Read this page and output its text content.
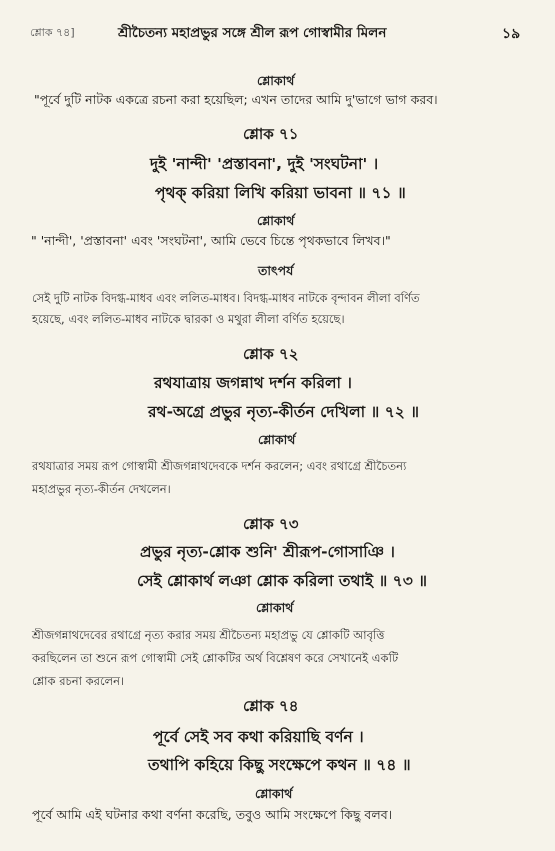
শ্লোক ৭৪]	শ্রীচৈতন্য মহাপ্রভুর সঙ্গে শ্রীল রূপ গোস্বামীর মিলন	১৯
শ্লোকার্থ
"পূর্বে দুটি নাটক একত্রে রচনা করা হয়েছিল; এখন তাদের আমি দু'ভাগে ভাগ করব।
শ্লোক ৭১
দুই 'নান্দী' 'প্রস্তাবনা', দুই 'সংঘটনা' ।
পৃথক্ করিয়া লিখি করিয়া ভাবনা ॥ ৭১ ॥
শ্লোকার্থ
" 'নান্দী', 'প্রস্তাবনা' এবং 'সংঘটনা', আমি ভেবে চিন্তে পৃথকভাবে লিখব।"
তাৎপর্য
সেই দুটি নাটক বিদগ্ধ-মাধব এবং ললিত-মাধব। বিদগ্ধ-মাধব নাটকে বৃন্দাবন লীলা বর্ণিত
হয়েছে, এবং ললিত-মাধব নাটকে দ্বারকা ও মথুরা লীলা বর্ণিত হয়েছে।
শ্লোক ৭২
রথযাত্রায় জগন্নাথ দর্শন করিলা ।
রথ-অগ্রে প্রভুর নৃত্য-কীর্তন দেখিলা ॥ ৭২ ॥
শ্লোকার্থ
রথযাত্রার সময় রূপ গোস্বামী শ্রীজগন্নাথদেবকে দর্শন করলেন; এবং রথাগ্রে শ্রীচৈতন্য
মহাপ্রভুর নৃত্য-কীর্তন দেখলেন।
শ্লোক ৭৩
প্রভুর নৃত্য-শ্লোক শুনি' শ্রীরূপ-গোসাঞি ।
সেই শ্লোকার্থ লঞা শ্লোক করিলা তথাই ॥ ৭৩ ॥
শ্লোকার্থ
শ্রীজগন্নাথদেবের রথাগ্রে নৃত্য করার সময় শ্রীচৈতন্য মহাপ্রভু যে শ্লোকটি আবৃত্তি
করছিলেন তা শুনে রূপ গোস্বামী সেই শ্লোকটির অর্থ বিশ্লেষণ করে সেখানেই একটি
শ্লোক রচনা করলেন।
শ্লোক ৭৪
পূর্বে সেই সব কথা করিয়াছি বর্ণন ।
তথাপি কহিয়ে কিছু সংক্ষেপে কথন ॥ ৭৪ ॥
শ্লোকার্থ
পূর্বে আমি এই ঘটনার কথা বর্ণনা করেছি, তবুও আমি সংক্ষেপে কিছু বলব।
